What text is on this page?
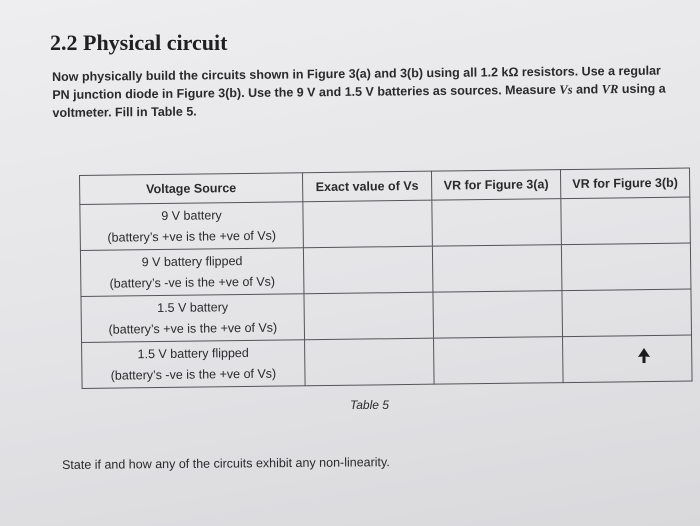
2.2 Physical circuit
Now physically build the circuits shown in Figure 3(a) and 3(b) using all 1.2 kΩ resistors. Use a regular
PN junction diode in Figure 3(b). Use the 9 V and 1.5 V batteries as sources. Measure Vs and VR using a
voltmeter. Fill in Table 5.
Voltage Source	Exact value of Vs	VR for Figure 3(a)	VR for Figure 3(b)

9 V battery
(battery’s +ve is the +ve of Vs)			

9 V battery flipped
(battery’s -ve is the +ve of Vs)			

1.5 V battery
(battery’s +ve is the +ve of Vs)			

1.5 V battery flipped
(battery’s -ve is the +ve of Vs)			

Table 5
State if and how any of the circuits exhibit any non-linearity.
